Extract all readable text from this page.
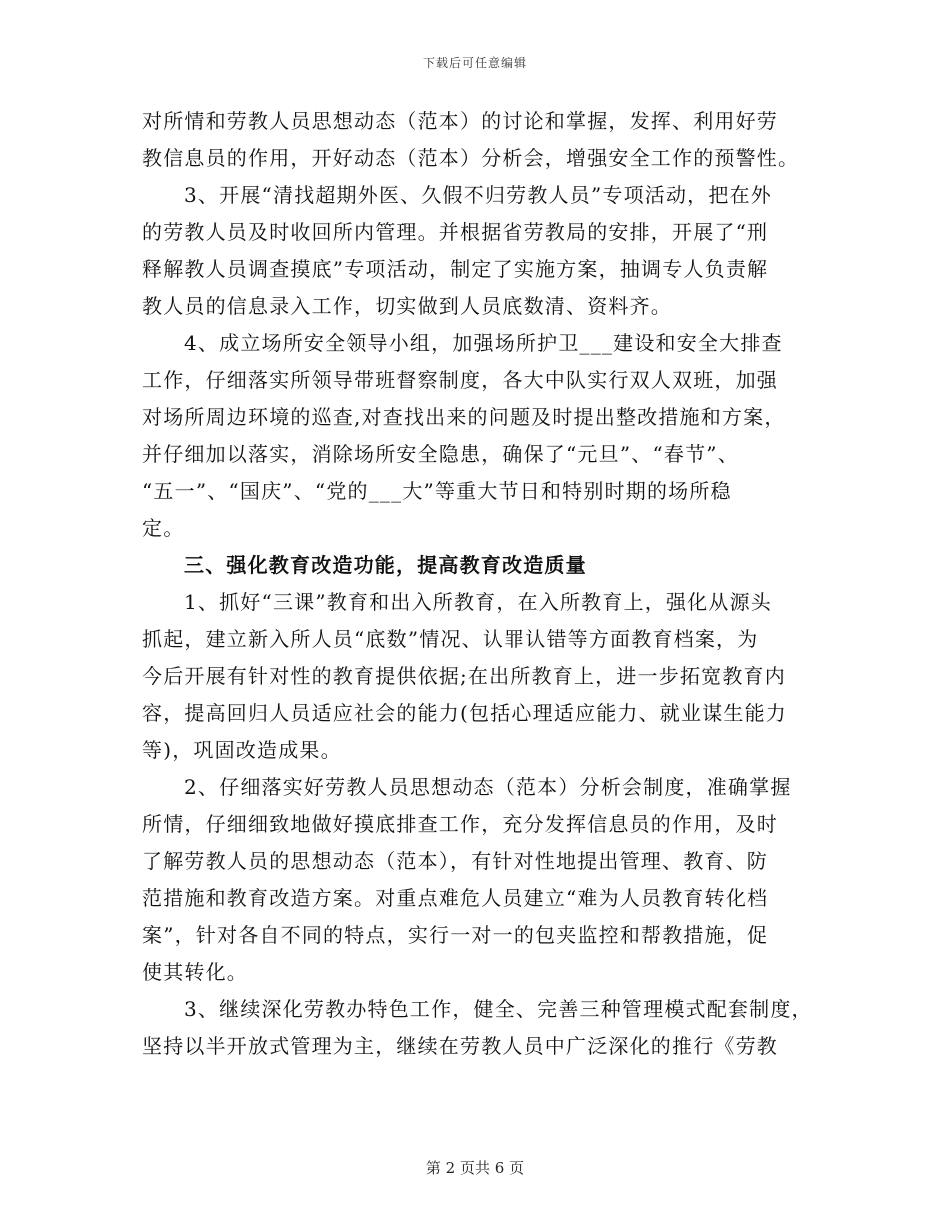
下载后可任意编辑
对所情和劳教人员思想动态（范本）的讨论和掌握，发挥、利用好劳
教信息员的作用，开好动态（范本）分析会，增强安全工作的预警性。
3、开展“清找超期外医、久假不归劳教人员”专项活动，把在外
的劳教人员及时收回所内管理。并根据省劳教局的安排，开展了“刑
释解教人员调查摸底”专项活动，制定了实施方案，抽调专人负责解
教人员的信息录入工作，切实做到人员底数清、资料齐。
4、成立场所安全领导小组，加强场所护卫___建设和安全大排查
工作，仔细落实所领导带班督察制度，各大中队实行双人双班，加强
对场所周边环境的巡查,对查找出来的问题及时提出整改措施和方案，
并仔细加以落实，消除场所安全隐患，确保了“元旦”、“春节”、
“五一”、“国庆”、“党的___大”等重大节日和特别时期的场所稳
定。
三、强化教育改造功能，提高教育改造质量
1、抓好“三课”教育和出入所教育，在入所教育上，强化从源头
抓起，建立新入所人员“底数”情况、认罪认错等方面教育档案，为
今后开展有针对性的教育提供依据;在出所教育上，进一步拓宽教育内
容，提高回归人员适应社会的能力(包括心理适应能力、就业谋生能力
等)，巩固改造成果。
2、仔细落实好劳教人员思想动态（范本）分析会制度，准确掌握
所情，仔细细致地做好摸底排查工作，充分发挥信息员的作用，及时
了解劳教人员的思想动态（范本），有针对性地提出管理、教育、防
范措施和教育改造方案。对重点难危人员建立“难为人员教育转化档
案”，针对各自不同的特点，实行一对一的包夹监控和帮教措施，促
使其转化。
3、继续深化劳教办特色工作，健全、完善三种管理模式配套制度，
坚持以半开放式管理为主，继续在劳教人员中广泛深化的推行《劳教
第 2 页共 6 页
